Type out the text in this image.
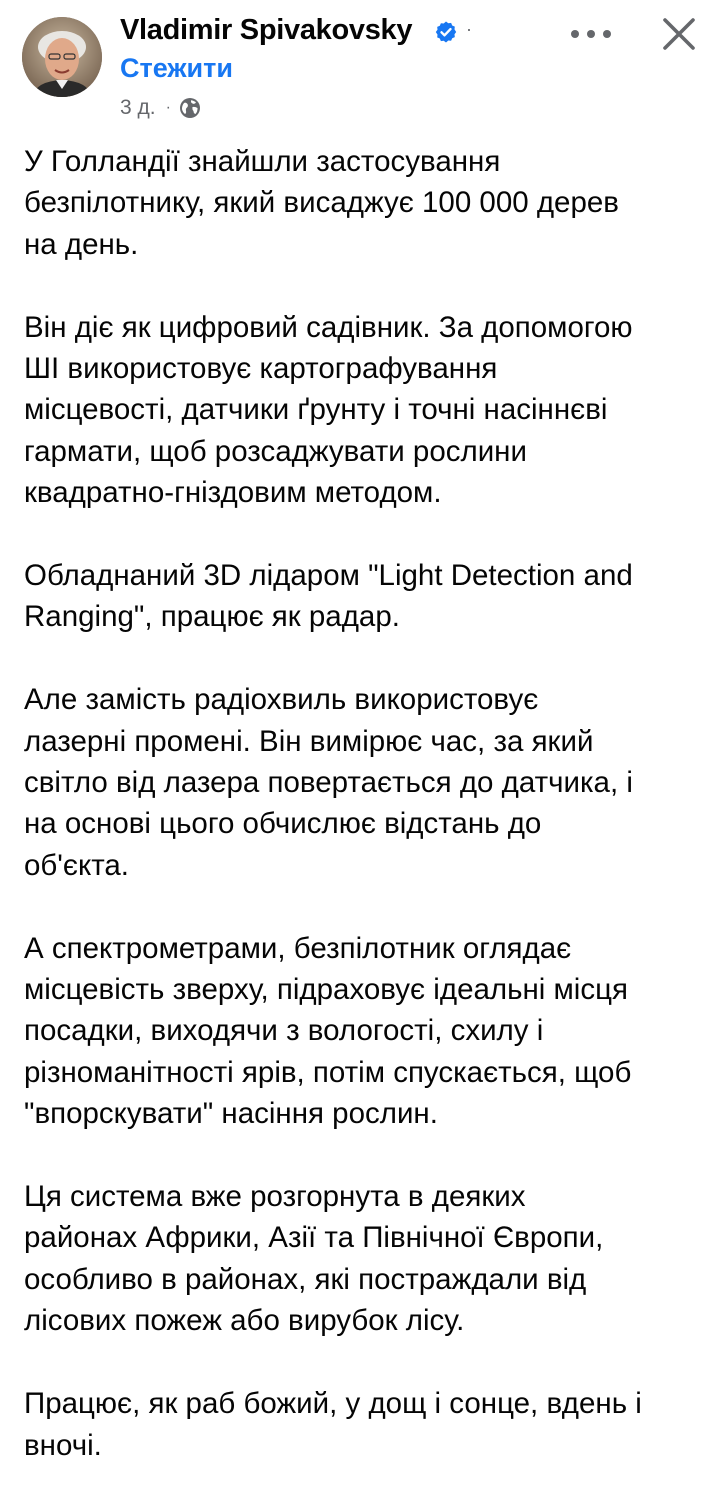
Vladimir Spivakovsky	·
Стежити
3 д. ·

У Голландії знайшли застосування
безпілотнику, який висаджує 100 000 дерев
на день.

Він діє як цифровий садівник. За допомогою
ШІ використовує картографування
місцевості, датчики ґрунту і точні насіннєві
гармати, щоб розсаджувати рослини
квадратно-гніздовим методом.

Обладнаний 3D лідаром "Light Detection and
Ranging", працює як радар.

Але замість радіохвиль використовує
лазерні промені. Він вимірює час, за який
світло від лазера повертається до датчика, і
на основі цього обчислює відстань до
об'єкта.

А спектрометрами, безпілотник оглядає
місцевість зверху, підраховує ідеальні місця
посадки, виходячи з вологості, схилу і
різноманітності ярів, потім спускається, щоб
"впорскувати" насіння рослин.

Ця система вже розгорнута в деяких
районах Африки, Азії та Північної Європи,
особливо в районах, які постраждали від
лісових пожеж або вирубок лісу.

Працює, як раб божий, у дощ і сонце, вдень і
вночі.
